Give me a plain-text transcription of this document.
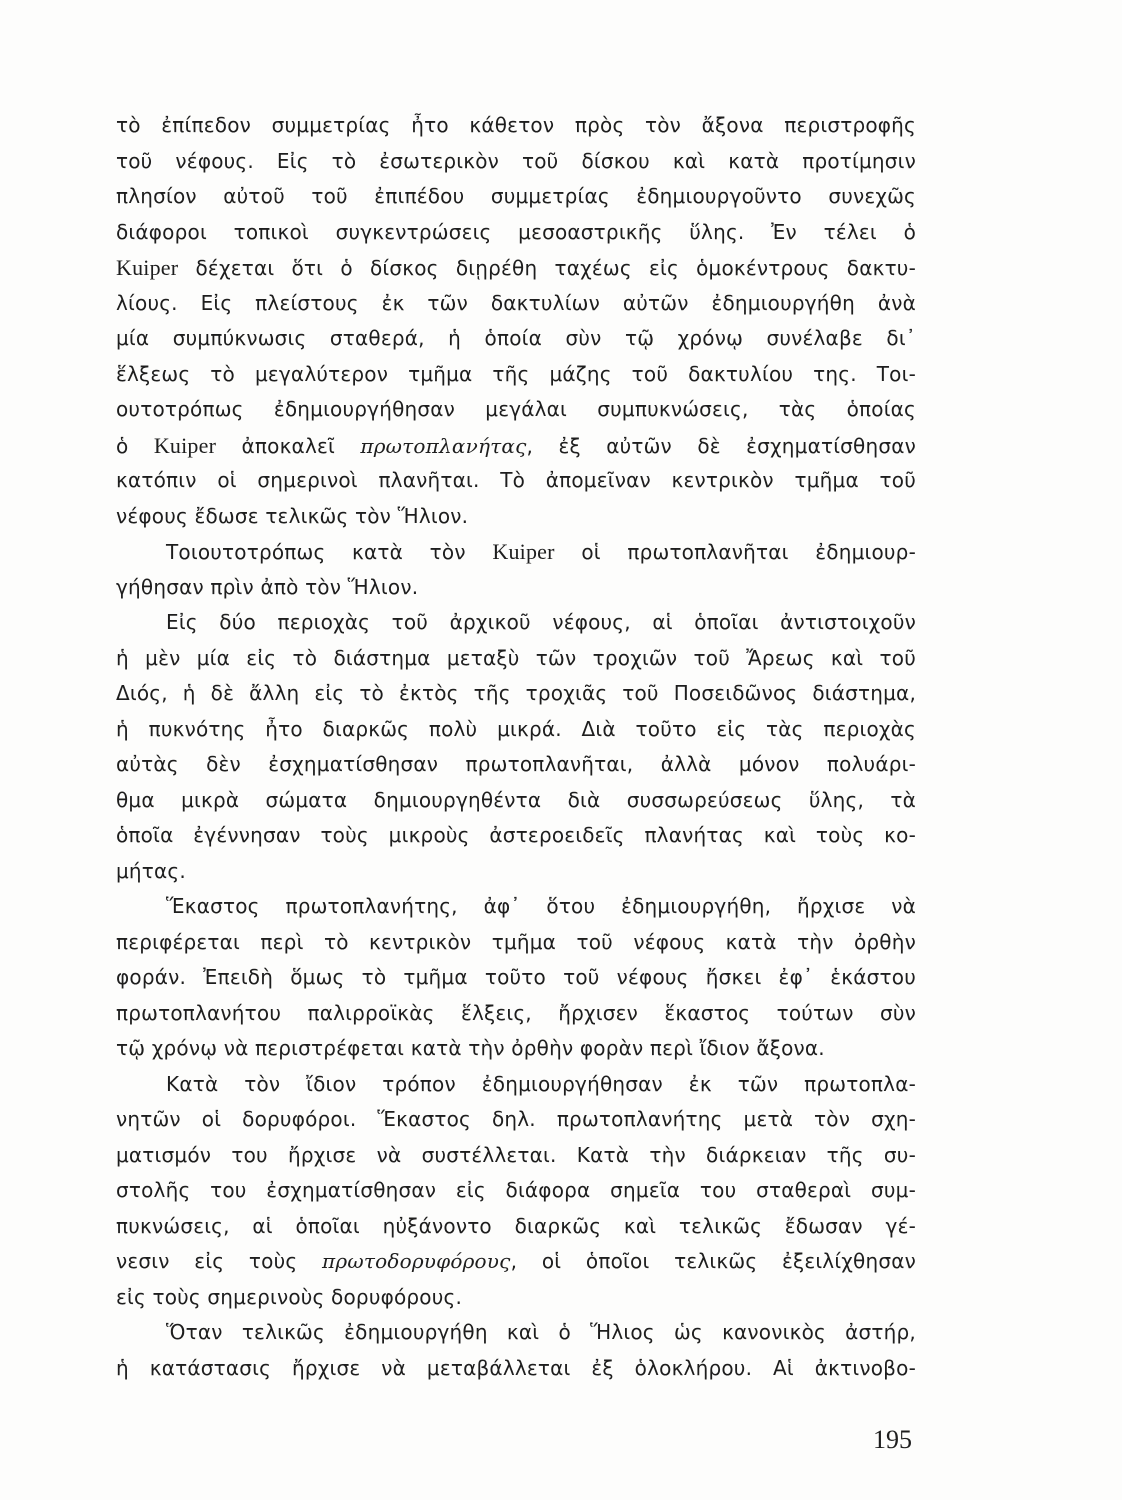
τὸ ἐπίπεδον συμμετρίας ἦτο κάθετον πρὸς τὸν ἄξονα περιστροφῆς
τοῦ νέφους. Εἰς τὸ ἐσωτερικὸν τοῦ δίσκου καὶ κατὰ προτίμησιν
πλησίον αὐτοῦ τοῦ ἐπιπέδου συμμετρίας ἐδημιουργοῦντο συνεχῶς
διάφοροι τοπικοὶ συγκεντρώσεις μεσοαστρικῆς ὕλης. Ἐν τέλει ὁ
Kuiper δέχεται ὅτι ὁ δίσκος διῃρέθη ταχέως εἰς ὁμοκέντρους δακτυ-
λίους. Εἰς πλείστους ἐκ τῶν δακτυλίων αὐτῶν ἐδημιουργήθη ἀνὰ
μία συμπύκνωσις σταθερά, ἡ ὁποία σὺν τῷ χρόνῳ συνέλαβε δι᾽
ἕλξεως τὸ μεγαλύτερον τμῆμα τῆς μάζης τοῦ δακτυλίου της. Τοι-
ουτοτρόπως ἐδημιουργήθησαν μεγάλαι συμπυκνώσεις, τὰς ὁποίας
ὁ Kuiper ἀποκαλεῖ πρωτοπλανήτας, ἐξ αὐτῶν δὲ ἐσχηματίσθησαν
κατόπιν οἱ σημερινοὶ πλανῆται. Τὸ ἀπομεῖναν κεντρικὸν τμῆμα τοῦ
νέφους ἔδωσε τελικῶς τὸν Ἥλιον.
Τοιουτοτρόπως κατὰ τὸν Kuiper οἱ πρωτοπλανῆται ἐδημιουρ-
γήθησαν πρὶν ἀπὸ τὸν Ἥλιον.
Εἰς δύο περιοχὰς τοῦ ἀρχικοῦ νέφους, αἱ ὁποῖαι ἀντιστοιχοῦν
ἡ μὲν μία εἰς τὸ διάστημα μεταξὺ τῶν τροχιῶν τοῦ Ἄρεως καὶ τοῦ
Διός, ἡ δὲ ἄλλη εἰς τὸ ἐκτὸς τῆς τροχιᾶς τοῦ Ποσειδῶνος διάστημα,
ἡ πυκνότης ἦτο διαρκῶς πολὺ μικρά. Διὰ τοῦτο εἰς τὰς περιοχὰς
αὐτὰς δὲν ἐσχηματίσθησαν πρωτοπλανῆται, ἀλλὰ μόνον πολυάρι-
θμα μικρὰ σώματα δημιουργηθέντα διὰ συσσωρεύσεως ὕλης, τὰ
ὁποῖα ἐγέννησαν τοὺς μικροὺς ἀστεροειδεῖς πλανήτας καὶ τοὺς κο-
μήτας.
Ἕκαστος πρωτοπλανήτης, ἀφ᾽ ὅτου ἐδημιουργήθη, ἤρχισε νὰ
περιφέρεται περὶ τὸ κεντρικὸν τμῆμα τοῦ νέφους κατὰ τὴν ὀρθὴν
φοράν. Ἐπειδὴ ὅμως τὸ τμῆμα τοῦτο τοῦ νέφους ἤσκει ἐφ᾽ ἑκάστου
πρωτοπλανήτου παλιρροϊκὰς ἕλξεις, ἤρχισεν ἕκαστος τούτων σὺν
τῷ χρόνῳ νὰ περιστρέφεται κατὰ τὴν ὀρθὴν φορὰν περὶ ἴδιον ἄξονα.
Κατὰ τὸν ἴδιον τρόπον ἐδημιουργήθησαν ἐκ τῶν πρωτοπλα-
νητῶν οἱ δορυφόροι. Ἕκαστος δηλ. πρωτοπλανήτης μετὰ τὸν σχη-
ματισμόν του ἤρχισε νὰ συστέλλεται. Κατὰ τὴν διάρκειαν τῆς συ-
στολῆς του ἐσχηματίσθησαν εἰς διάφορα σημεῖα του σταθεραὶ συμ-
πυκνώσεις, αἱ ὁποῖαι ηὐξάνοντο διαρκῶς καὶ τελικῶς ἔδωσαν γέ-
νεσιν εἰς τοὺς πρωτοδορυφόρους, οἱ ὁποῖοι τελικῶς ἐξειλίχθησαν
εἰς τοὺς σημερινοὺς δορυφόρους.
Ὅταν τελικῶς ἐδημιουργήθη καὶ ὁ Ἥλιος ὡς κανονικὸς ἀστήρ,
ἡ κατάστασις ἤρχισε νὰ μεταβάλλεται ἐξ ὁλοκλήρου. Αἱ ἀκτινοβο-
195
